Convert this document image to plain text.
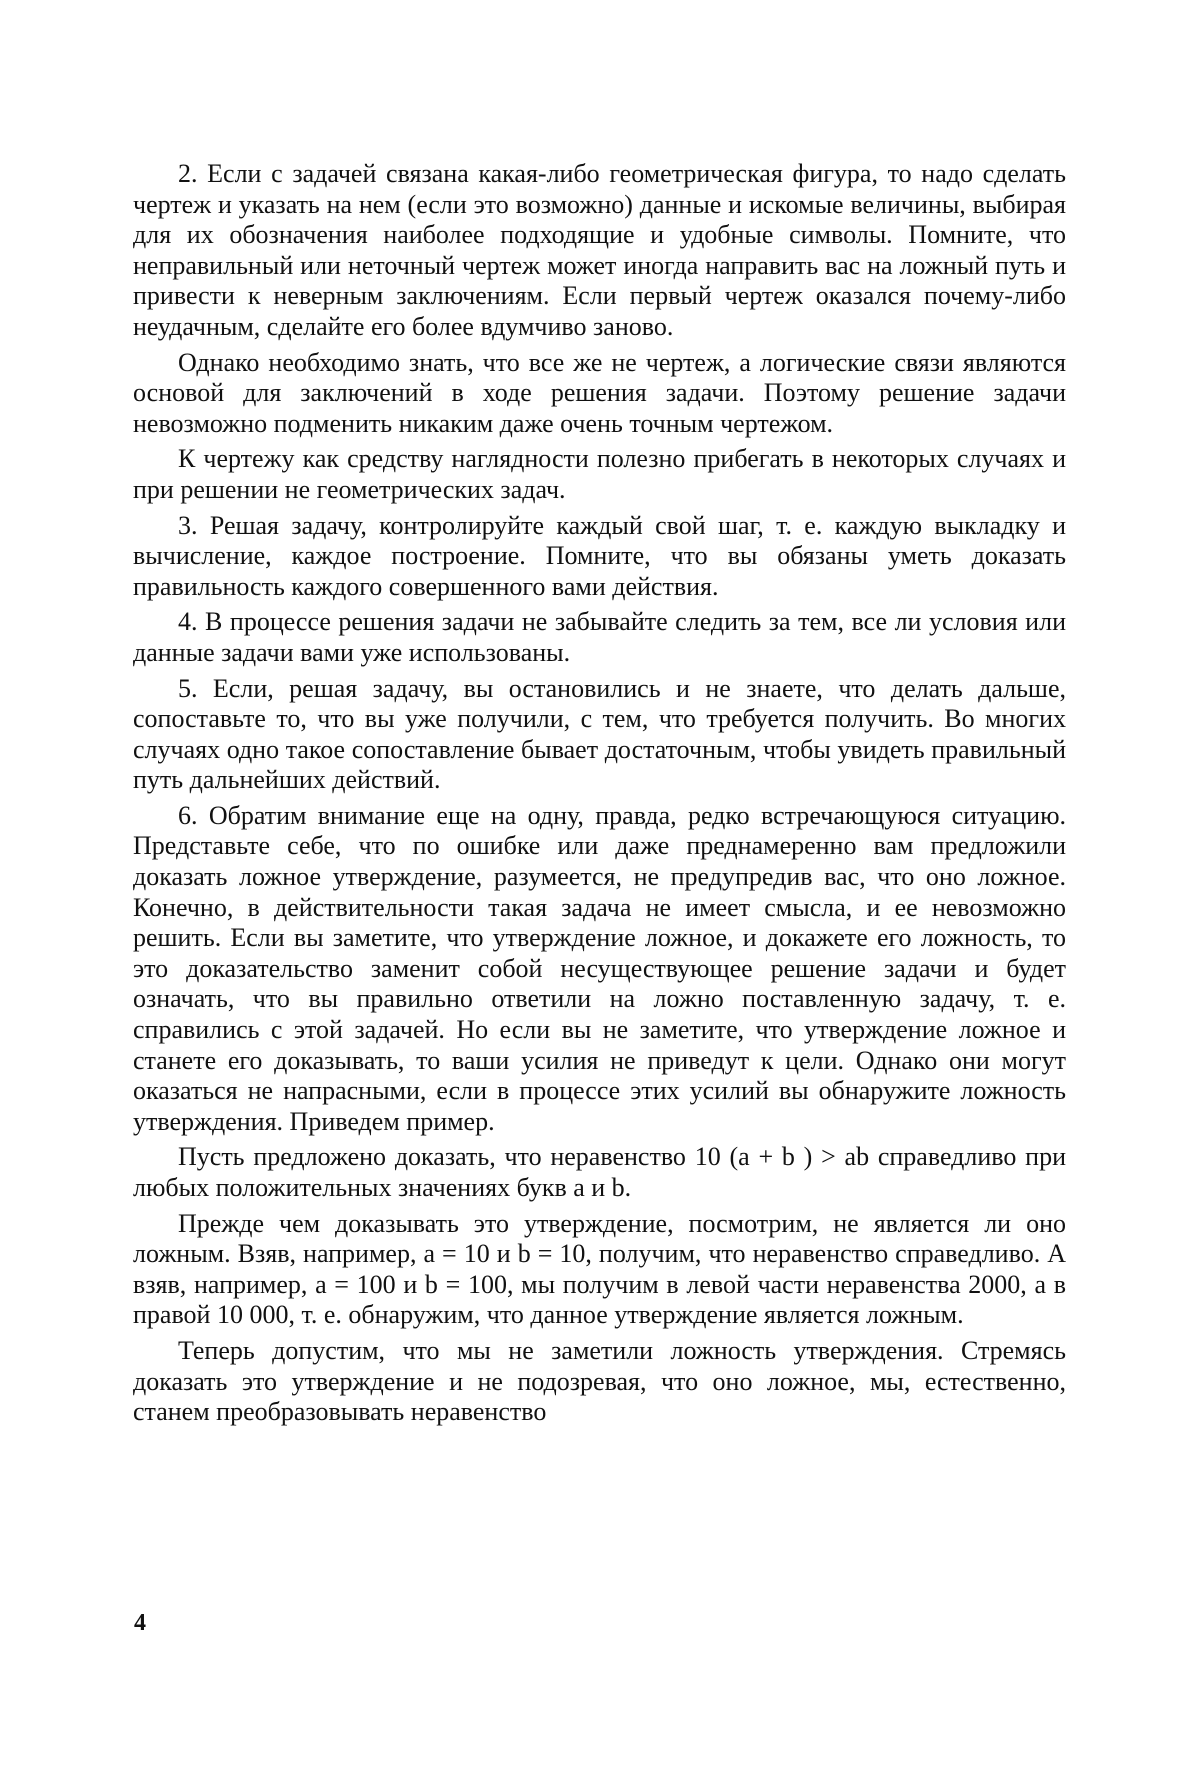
2. Если с задачей связана какая-либо геометрическая фигура, то надо сделать чертеж и указать на нем (если это возможно) данные и искомые величины, выбирая для их обозначения наиболее подходящие и удобные символы. Помните, что неправильный или неточный чертеж может иногда направить вас на ложный путь и привести к неверным заключениям. Если первый чертеж оказался почему-либо неудачным, сделайте его более вдумчиво заново.

Однако необходимо знать, что все же не чертеж, а логические связи являются основой для заключений в ходе решения задачи. Поэтому решение задачи невозможно подменить никаким даже очень точным чертежом.

К чертежу как средству наглядности полезно прибегать в некоторых случаях и при решении не геометрических задач.

3. Решая задачу, контролируйте каждый свой шаг, т. е. каждую выкладку и вычисление, каждое построение. Помните, что вы обязаны уметь доказать правильность каждого совершенного вами действия.

4. В процессе решения задачи не забывайте следить за тем, все ли условия или данные задачи вами уже использованы.

5. Если, решая задачу, вы остановились и не знаете, что делать дальше, сопоставьте то, что вы уже получили, с тем, что требуется получить. Во многих случаях одно такое сопоставление бывает достаточным, чтобы увидеть правильный путь дальнейших действий.

6. Обратим внимание еще на одну, правда, редко встречающуюся ситуацию. Представьте себе, что по ошибке или даже преднамеренно вам предложили доказать ложное утверждение, разумеется, не предупредив вас, что оно ложное. Конечно, в действительности такая задача не имеет смысла, и ее невозможно решить. Если вы заметите, что утверждение ложное, и докажете его ложность, то это доказательство заменит собой несуществующее решение задачи и будет означать, что вы правильно ответили на ложно поставленную задачу, т. е. справились с этой задачей. Но если вы не заметите, что утверждение ложное и станете его доказывать, то ваши усилия не приведут к цели. Однако они могут оказаться не напрасными, если в процессе этих усилий вы обнаружите ложность утверждения. Приведем пример.

Пусть предложено доказать, что неравенство 10 (a + b ) > ab справедливо при любых положительных значениях букв a и b.

Прежде чем доказывать это утверждение, посмотрим, не является ли оно ложным. Взяв, например, a = 10 и b = 10, получим, что неравенство справедливо. А взяв, например, a = 100 и b = 100, мы получим в левой части неравенства 2000, а в правой 10 000, т. е. обнаружим, что данное утверждение является ложным.

Теперь допустим, что мы не заметили ложность утверждения. Стремясь доказать это утверждение и не подозревая, что оно ложное, мы, естественно, станем преобразовывать неравенство

4
